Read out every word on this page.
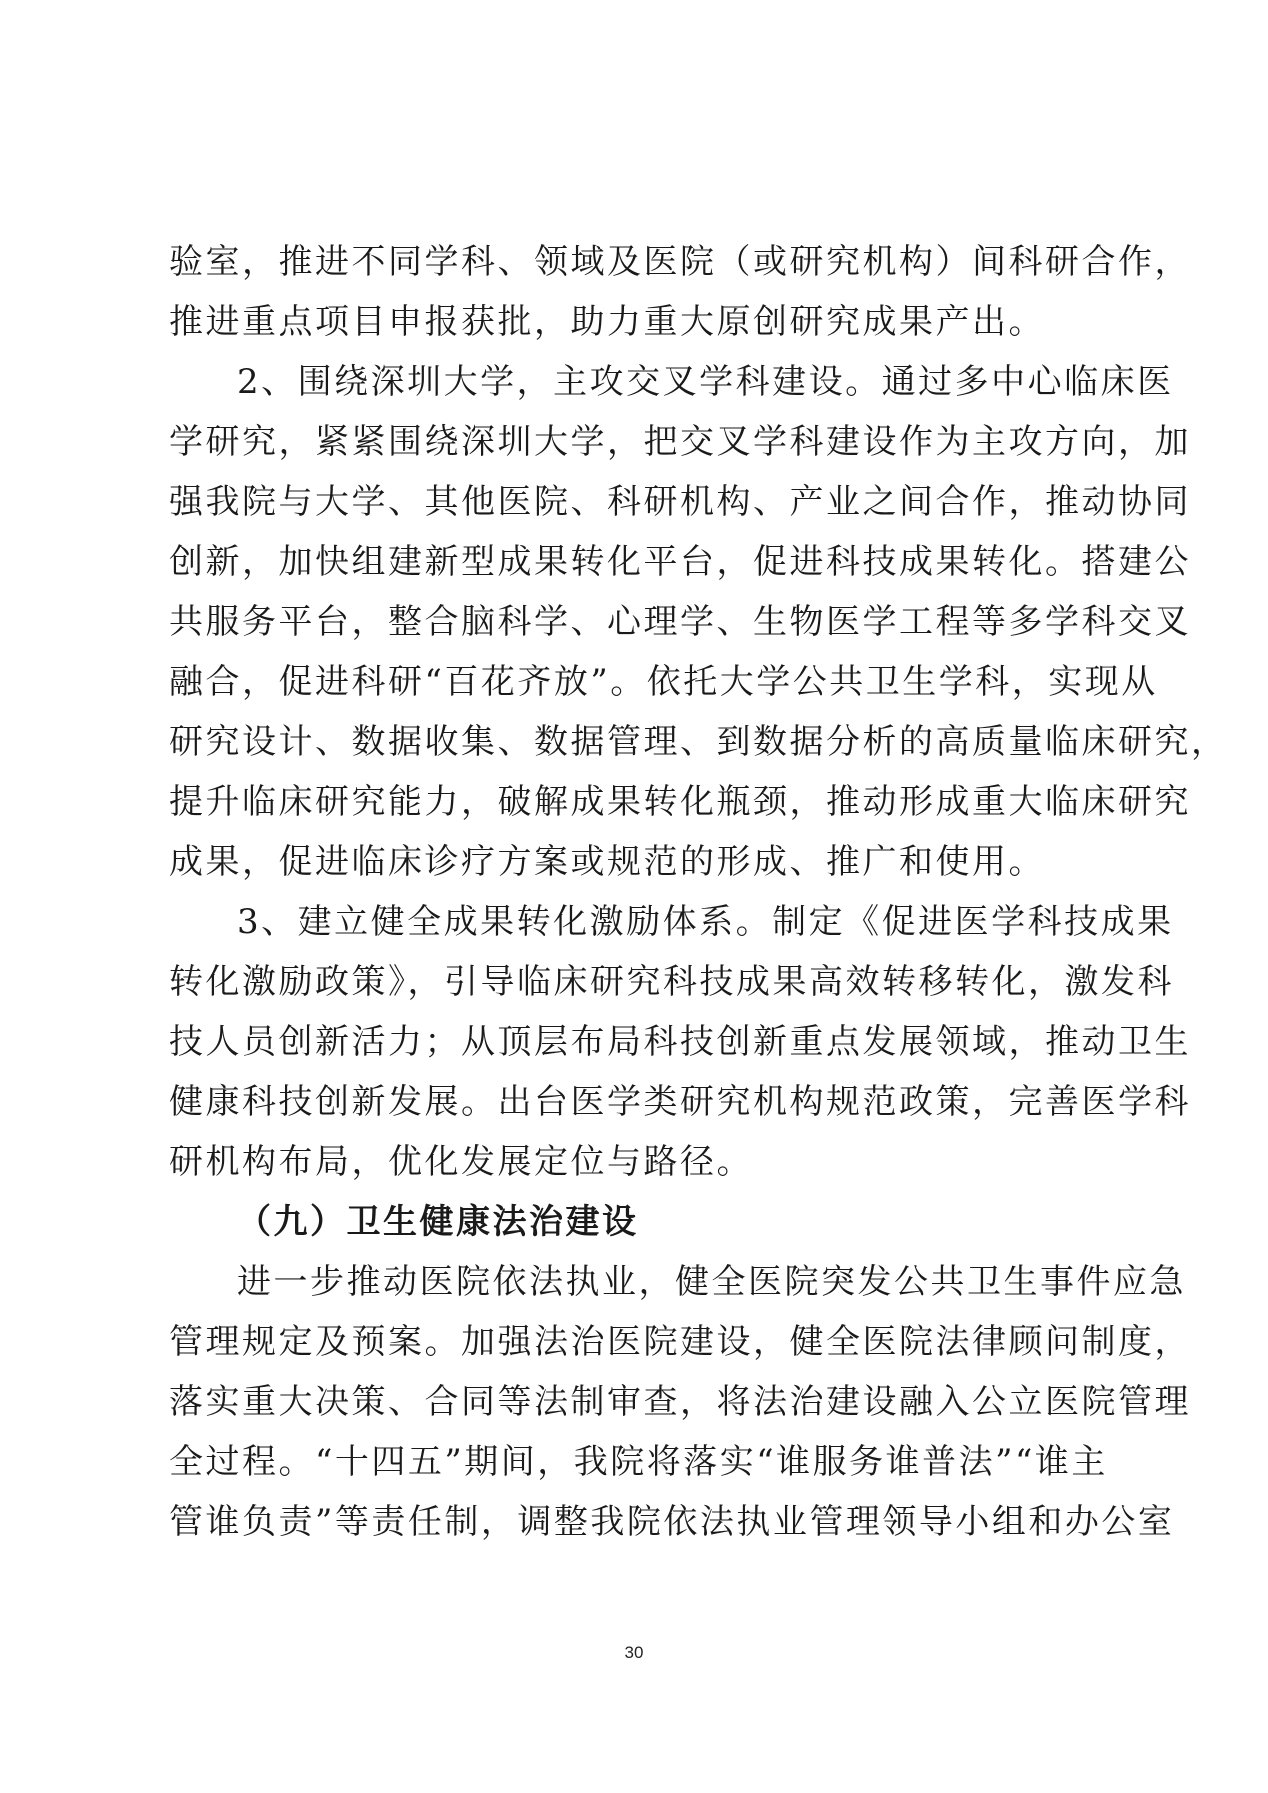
验室，推进不同学科、领域及医院（或研究机构）间科研合作，
推进重点项目申报获批，助力重大原创研究成果产出。

2、围绕深圳大学，主攻交叉学科建设。通过多中心临床医
学研究，紧紧围绕深圳大学，把交叉学科建设作为主攻方向，加
强我院与大学、其他医院、科研机构、产业之间合作，推动协同
创新，加快组建新型成果转化平台，促进科技成果转化。搭建公
共服务平台，整合脑科学、心理学、生物医学工程等多学科交叉
融合，促进科研“百花齐放”。依托大学公共卫生学科，实现从
研究设计、数据收集、数据管理、到数据分析的高质量临床研究，
提升临床研究能力，破解成果转化瓶颈，推动形成重大临床研究
成果，促进临床诊疗方案或规范的形成、推广和使用。

3、建立健全成果转化激励体系。制定《促进医学科技成果
转化激励政策》，引导临床研究科技成果高效转移转化，激发科
技人员创新活力；从顶层布局科技创新重点发展领域，推动卫生
健康科技创新发展。出台医学类研究机构规范政策，完善医学科
研机构布局，优化发展定位与路径。

（九）卫生健康法治建设

进一步推动医院依法执业，健全医院突发公共卫生事件应急
管理规定及预案。加强法治医院建设，健全医院法律顾问制度，
落实重大决策、合同等法制审查，将法治建设融入公立医院管理
全过程。“十四五”期间，我院将落实“谁服务谁普法”“谁主
管谁负责”等责任制，调整我院依法执业管理领导小组和办公室

30
